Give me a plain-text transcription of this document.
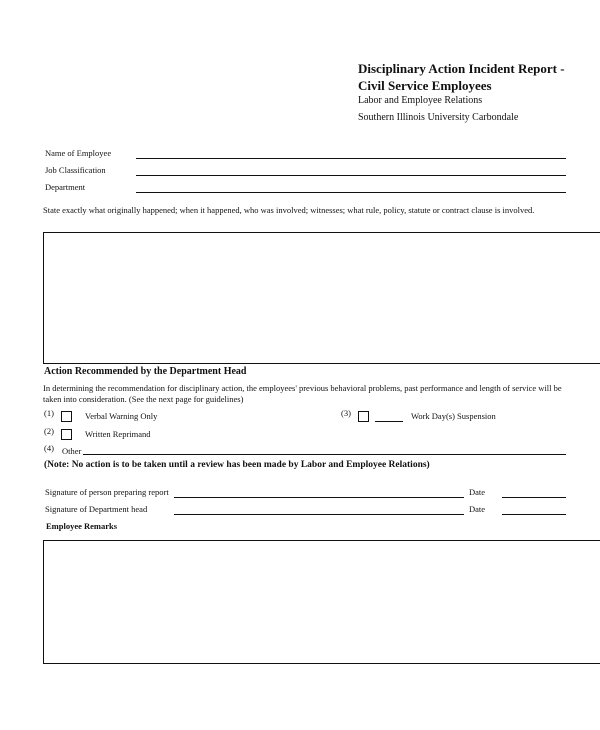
Disciplinary Action Incident Report -
Civil Service Employees
Labor and Employee Relations
Southern Illinois University Carbondale
Name of Employee
Job Classification
Department
State exactly what originally happened; when it happened, who was involved; witnesses; what rule, policy, statute or contract clause is involved.
Action Recommended by the Department Head
In determining the recommendation for disciplinary action, the employees' previous behavioral problems, past performance and length of service will be taken into consideration. (See the next page for guidelines)
(1)	Verbal Warning Only
(2)	Written Reprimand
(3)	Work Day(s) Suspension
(4) Other
(Note: No action is to be taken until a review has been made by Labor and Employee Relations)
Signature of person preparing report	Date
Signature of Department head	Date
Employee Remarks
